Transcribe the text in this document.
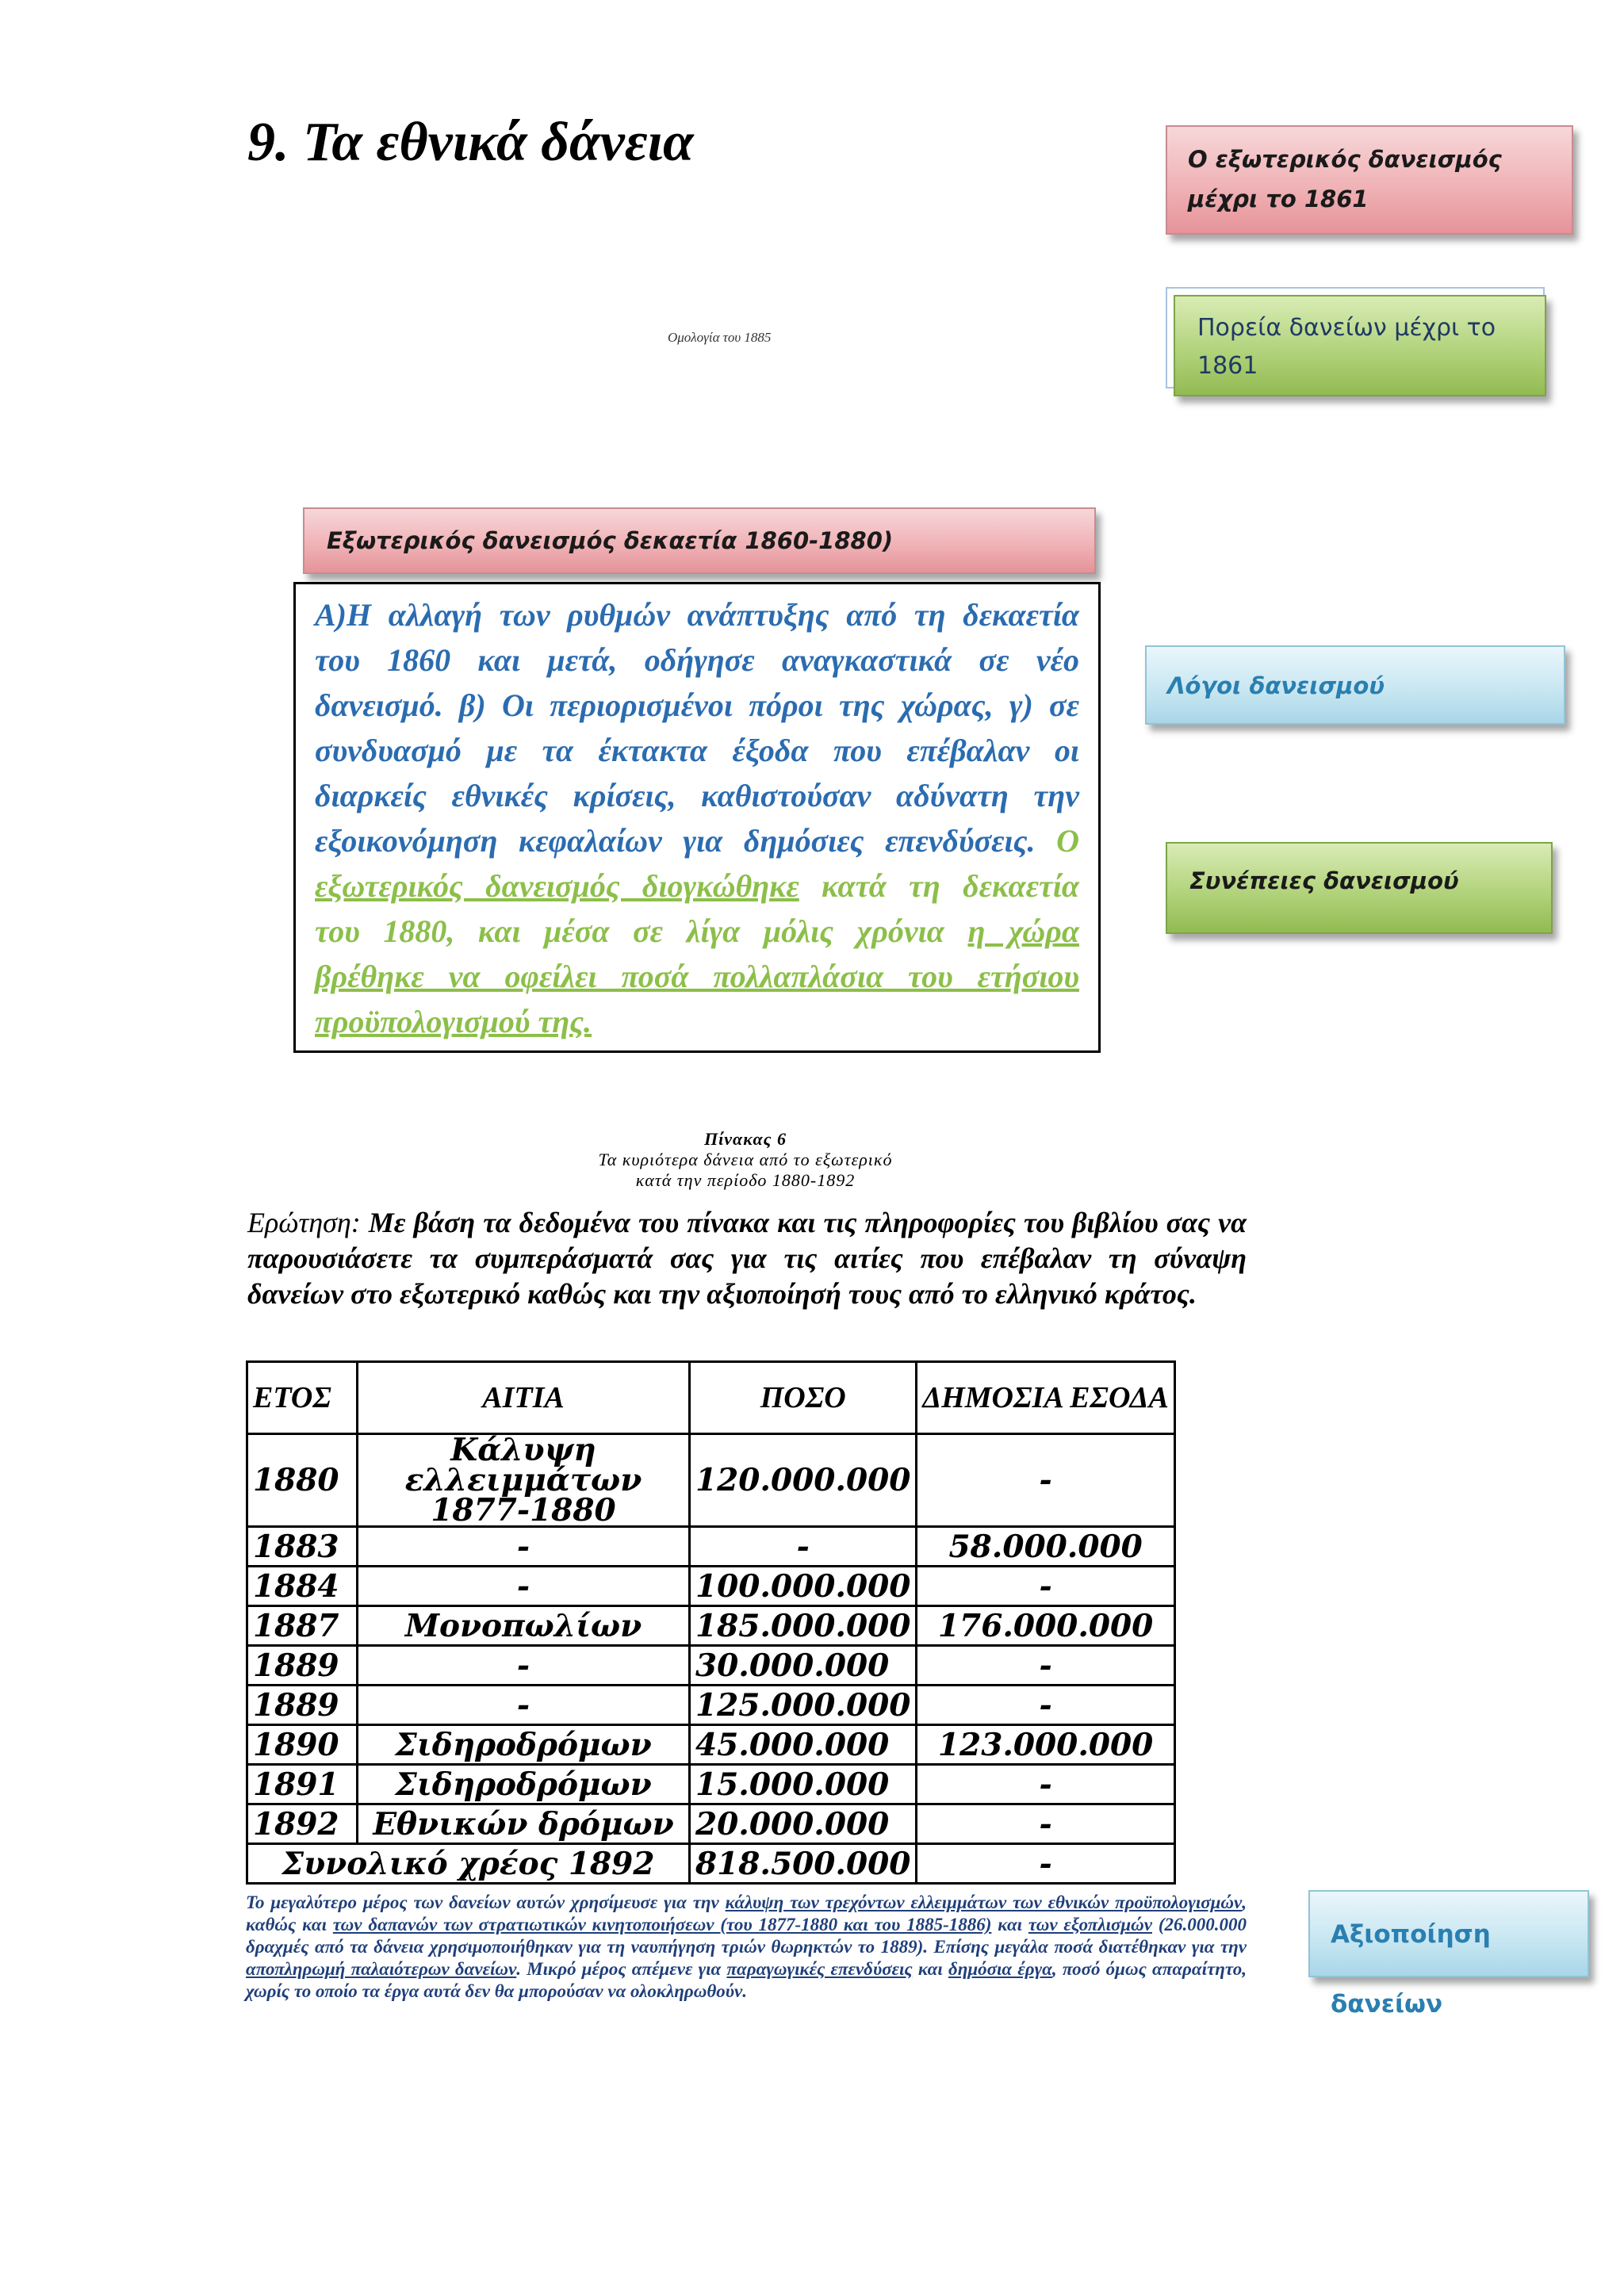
9. Τα εθνικά δάνεια
Ομολογία του 1885
Ο εξωτερικός δανεισμός μέχρι το 1861
Πορεία δανείων μέχρι το 1861
Εξωτερικός δανεισμός δεκαετία 1860-1880)
Λόγοι δανεισμού
Συνέπειες δανεισμού
Αξιοποίηση δανείων
Α)Η αλλαγή των ρυθμών ανάπτυξης από τη δεκαετία
του 1860 και μετά, οδήγησε αναγκαστικά σε νέο
δανεισμό. β) Οι περιορισμένοι πόροι της χώρας, γ) σε
συνδυασμό με τα έκτακτα έξοδα που επέβαλαν οι
διαρκείς εθνικές κρίσεις, καθιστούσαν αδύνατη την
εξοικονόμηση κεφαλαίων για δημόσιες επενδύσεις. Ο
εξωτερικός δανεισμός διογκώθηκε κατά τη δεκαετία
του 1880, και μέσα σε λίγα μόλις χρόνια η χώρα
βρέθηκε να οφείλει ποσά πολλαπλάσια του ετήσιου
προϋπολογισμού της.
Πίνακας 6
Τα κυριότερα δάνεια από το εξωτερικό
κατά την περίοδο 1880-1892
Ερώτηση: Με βάση τα δεδομένα του πίνακα και τις πληροφορίες του βιβλίου σας να παρουσιάσετε τα συμπεράσματά σας για τις αιτίες που επέβαλαν τη σύναψη δανείων στο εξωτερικό καθώς και την αξιοποίησή τους από το ελληνικό κράτος.
ΕΤΟΣ	ΑΙΤΙΑ	ΠΟΣΟ	ΔΗΜΟΣΙΑ ΕΣΟΔΑ
1880	Κάλυψη ελλειμμάτων 1877-1880	120.000.000	-
1883	-	-	58.000.000
1884	-	100.000.000	-
1887	Μονοπωλίων	185.000.000	176.000.000
1889	-	30.000.000	-
1889	-	125.000.000	-
1890	Σιδηροδρόμων	45.000.000	123.000.000
1891	Σιδηροδρόμων	15.000.000	-
1892	Εθνικών δρόμων	20.000.000	-
Συνολικό χρέος 1892		818.500.000	-
Το μεγαλύτερο μέρος των δανείων αυτών χρησίμευσε για την κάλυψη των τρεχόντων ελλειμμάτων των εθνικών προϋπολογισμών, καθώς και των δαπανών των στρατιωτικών κινητοποιήσεων (του 1877-1880 και του 1885-1886) και των εξοπλισμών (26.000.000 δραχμές από τα δάνεια χρησιμοποιήθηκαν για τη ναυπήγηση τριών θωρηκτών το 1889). Επίσης μεγάλα ποσά διατέθηκαν για την αποπληρωμή παλαιότερων δανείων. Μικρό μέρος απέμενε για παραγωγικές επενδύσεις και δημόσια έργα, ποσό όμως απαραίτητο, χωρίς το οποίο τα έργα αυτά δεν θα μπορούσαν να ολοκληρωθούν.
